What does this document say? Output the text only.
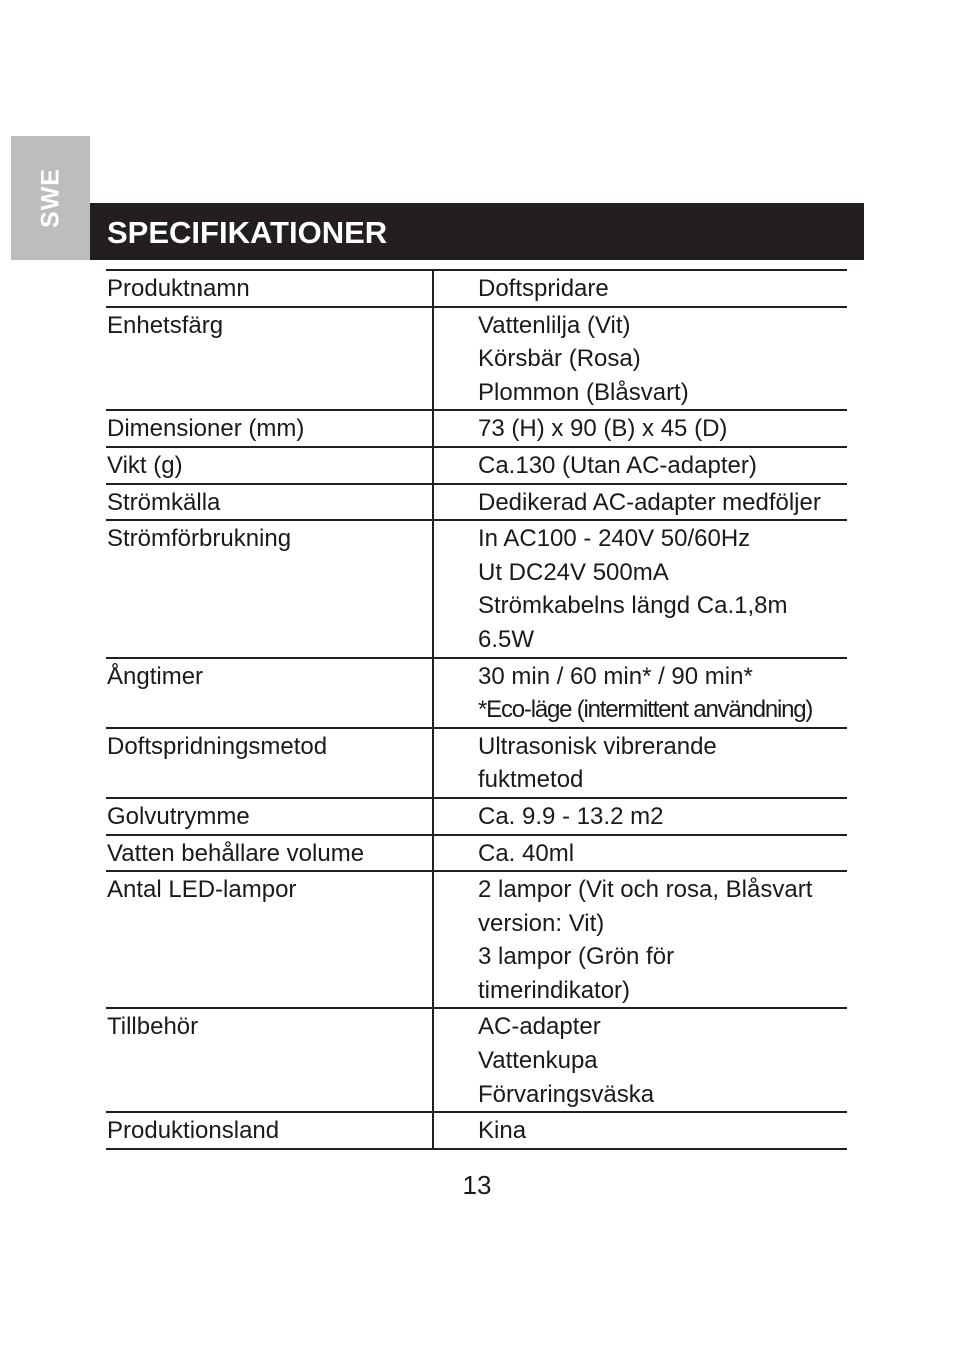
SWE
SPECIFIKATIONER
Produktnamn	Doftspridare
Enhetsfärg	Vattenlilja (Vit)
Körsbär (Rosa)
Plommon (Blåsvart)
Dimensioner (mm)	73 (H) x 90 (B) x 45 (D)
Vikt (g)	Ca.130 (Utan AC-adapter)
Strömkälla	Dedikerad AC-adapter medföljer
Strömförbrukning	In AC100 - 240V 50/60Hz
Ut DC24V 500mA
Strömkabelns längd Ca.1,8m
6.5W
Ångtimer	30 min / 60 min* / 90 min*
*Eco-läge (intermittent användning)
Doftspridningsmetod	Ultrasonisk vibrerande
fuktmetod
Golvutrymme	Ca. 9.9 - 13.2 m2
Vatten behållare volume	Ca. 40ml
Antal LED-lampor	2 lampor (Vit och rosa, Blåsvart
version: Vit)
3 lampor (Grön för
timerindikator)
Tillbehör	AC-adapter
Vattenkupa
Förvaringsväska
Produktionsland	Kina
13
